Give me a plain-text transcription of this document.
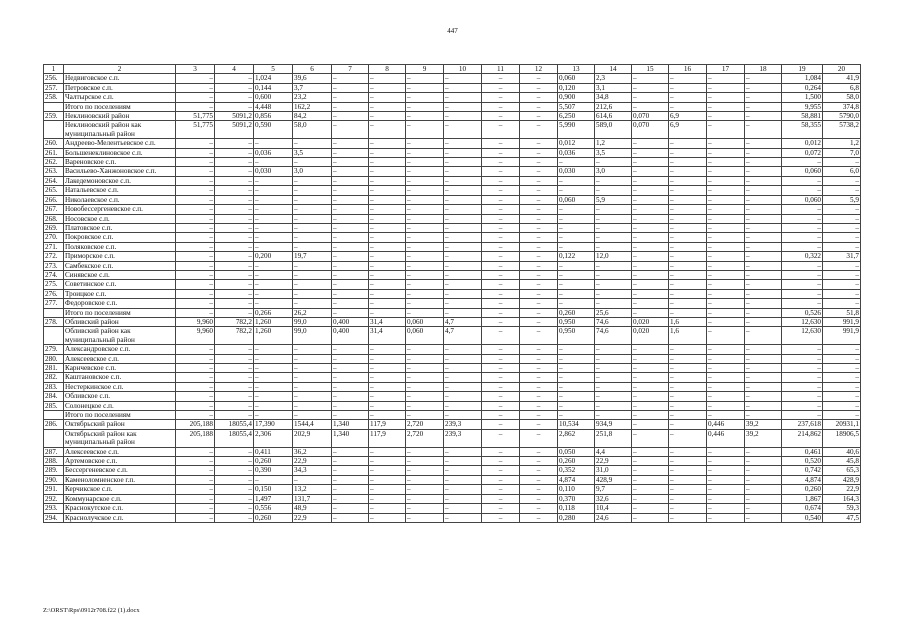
447
1	2	3	4	5	6	7	8	9	10	11	12	13	14	15	16	17	18	19	20
256.	Недвиговское с.п.	–	–	1,024	39,6	–	–	–	–	–	–	0,060	2,3	–	–	–	–	1,084	41,9
257.	Петровское с.п.	–	–	0,144	3,7	–	–	–	–	–	–	0,120	3,1	–	–	–	–	0,264	6,8
258.	Чалтырское с.п.	–	–	0,600	23,2	–	–	–	–	–	–	0,900	34,8	–	–	–	–	1,500	58,0
	Итого по поселениям	–	–	4,448	162,2	–	–	–	–	–	–	5,507	212,6	–	–	–	–	9,955	374,8
259.	Неклиновский район	51,775	5091,2	0,856	84,2	–	–	–	–	–	–	6,250	614,6	0,070	6,9	–	–	58,881	5790,0
	Неклиновский район как муниципальный район	51,775	5091,2	0,590	58,0	–	–	–	–	–	–	5,990	589,0	0,070	6,9	–	–	58,355	5738,2
260.	Андреево-Мелентьевское с.п.	–	–	–	–	–	–	–	–	–	–	0,012	1,2	–	–	–	–	0,012	1,2
261.	Большенеклиновское с.п.	–	–	0,036	3,5	–	–	–	–	–	–	0,036	3,5	–	–	–	–	0,072	7,0
262.	Вареновское с.п.	–	–	–	–	–	–	–	–	–	–	–	–	–	–	–	–	–	–
263.	Васильево-Ханжоновское с.п.	–	–	0,030	3,0	–	–	–	–	–	–	0,030	3,0	–	–	–	–	0,060	6,0
264.	Лакедемоновское с.п.	–	–	–	–	–	–	–	–	–	–	–	–	–	–	–	–	–	–
265.	Натальевское с.п.	–	–	–	–	–	–	–	–	–	–	–	–	–	–	–	–	–	–
266.	Николаевское с.п.	–	–	–	–	–	–	–	–	–	–	0,060	5,9	–	–	–	–	0,060	5,9
267.	Новобессергеневское с.п.	–	–	–	–	–	–	–	–	–	–	–	–	–	–	–	–	–	–
268.	Носовское с.п.	–	–	–	–	–	–	–	–	–	–	–	–	–	–	–	–	–	–
269.	Платовское с.п.	–	–	–	–	–	–	–	–	–	–	–	–	–	–	–	–	–	–
270.	Покровское с.п.	–	–	–	–	–	–	–	–	–	–	–	–	–	–	–	–	–	–
271.	Поляковское с.п.	–	–	–	–	–	–	–	–	–	–	–	–	–	–	–	–	–	–
272.	Приморское с.п.	–	–	0,200	19,7	–	–	–	–	–	–	0,122	12,0	–	–	–	–	0,322	31,7
273.	Самбекское с.п.	–	–	–	–	–	–	–	–	–	–	–	–	–	–	–	–	–	–
274.	Синявское с.п.	–	–	–	–	–	–	–	–	–	–	–	–	–	–	–	–	–	–
275.	Советинское с.п.	–	–	–	–	–	–	–	–	–	–	–	–	–	–	–	–	–	–
276.	Троицкое с.п.	–	–	–	–	–	–	–	–	–	–	–	–	–	–	–	–	–	–
277.	Федоровское с.п.	–	–	–	–	–	–	–	–	–	–	–	–	–	–	–	–	–	–
	Итого по поселениям	–	–	0,266	26,2	–	–	–	–	–	–	0,260	25,6	–	–	–	–	0,526	51,8
278.	Обливский район	9,960	782,2	1,260	99,0	0,400	31,4	0,060	4,7	–	–	0,950	74,6	0,020	1,6	–	–	12,630	991,9
	Обливский район как муниципальный район	9,960	782,2	1,260	99,0	0,400	31,4	0,060	4,7	–	–	0,950	74,6	0,020	1,6	–	–	12,630	991,9
279.	Александровское с.п.	–	–	–	–	–	–	–	–	–	–	–	–	–	–	–	–	–	–
280.	Алексеевское с.п.	–	–	–	–	–	–	–	–	–	–	–	–	–	–	–	–	–	–
281.	Карнчевское с.п.	–	–	–	–	–	–	–	–	–	–	–	–	–	–	–	–	–	–
282.	Каштановское с.п.	–	–	–	–	–	–	–	–	–	–	–	–	–	–	–	–	–	–
283.	Нестеркинское с.п.	–	–	–	–	–	–	–	–	–	–	–	–	–	–	–	–	–	–
284.	Обливское с.п.	–	–	–	–	–	–	–	–	–	–	–	–	–	–	–	–	–	–
285.	Солонецкое с.п.	–	–	–	–	–	–	–	–	–	–	–	–	–	–	–	–	–	–
	Итого по поселениям	–	–	–	–	–	–	–	–	–	–	–	–	–	–	–	–	–	–
286.	Октябрьский район	205,188	18055,4	17,390	1544,4	1,340	117,9	2,720	239,3	–	–	10,534	934,9	–	–	0,446	39,2	237,618	20931,1
	Октябрьский район как муниципальный район	205,188	18055,4	2,306	202,9	1,340	117,9	2,720	239,3	–	–	2,862	251,8	–	–	0,446	39,2	214,862	18906,5
287.	Алексеевское с.п.	–	–	0,411	36,2	–	–	–	–	–	–	0,050	4,4	–	–	–	–	0,461	40,6
288.	Артемовское с.п.	–	–	0,260	22,9	–	–	–	–	–	–	0,260	22,9	–	–	–	–	0,520	45,8
289.	Бессергеневское с.п.	–	–	0,390	34,3	–	–	–	–	–	–	0,352	31,0	–	–	–	–	0,742	65,3
290.	Каменоломненское г.п.	–	–	–	–	–	–	–	–	–	–	4,874	428,9	–	–	–	–	4,874	428,9
291.	Керчикское с.п.	–	–	0,150	13,2	–	–	–	–	–	–	0,110	9,7	–	–	–	–	0,260	22,9
292.	Коммунарское с.п.	–	–	1,497	131,7	–	–	–	–	–	–	0,370	32,6	–	–	–	–	1,867	164,3
293.	Краснокутское с.п.	–	–	0,556	48,9	–	–	–	–	–	–	0,118	10,4	–	–	–	–	0,674	59,3
294.	Краснолучское с.п.	–	–	0,260	22,9	–	–	–	–	–	–	0,280	24,6	–	–	–	–	0,540	47,5
Z:\ORST\Rps\0912r708.f22 (1).docx
